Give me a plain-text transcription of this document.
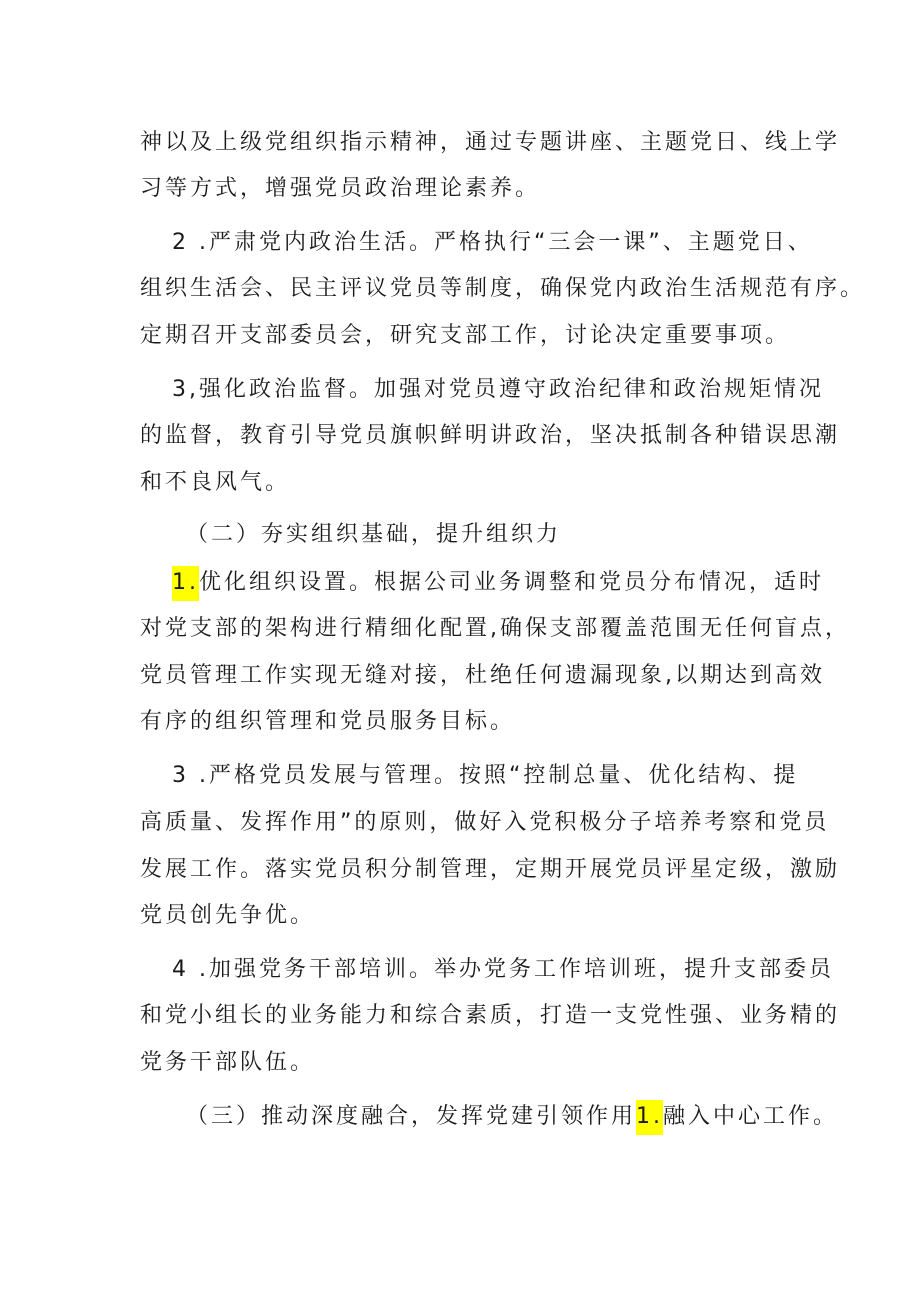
神以及上级党组织指示精神，通过专题讲座、主题党日、线上学
习等方式，增强党员政治理论素养。
2 .严肃党内政治生活。严格执行“三会一课”、主题党日、
组织生活会、民主评议党员等制度，确保党内政治生活规范有序。
定期召开支部委员会，研究支部工作，讨论决定重要事项。
3,强化政治监督。加强对党员遵守政治纪律和政治规矩情况
的监督，教育引导党员旗帜鲜明讲政治，坚决抵制各种错误思潮
和不良风气。
（二）夯实组织基础，提升组织力
1.优化组织设置。根据公司业务调整和党员分布情况，适时
对党支部的架构进行精细化配置,确保支部覆盖范围无任何盲点，
党员管理工作实现无缝对接，杜绝任何遗漏现象,以期达到高效
有序的组织管理和党员服务目标。
3 .严格党员发展与管理。按照“控制总量、优化结构、提
高质量、发挥作用”的原则，做好入党积极分子培养考察和党员
发展工作。落实党员积分制管理，定期开展党员评星定级，激励
党员创先争优。
4 .加强党务干部培训。举办党务工作培训班，提升支部委员
和党小组长的业务能力和综合素质，打造一支党性强、业务精的
党务干部队伍。
（三）推动深度融合，发挥党建引领作用1.融入中心工作。
